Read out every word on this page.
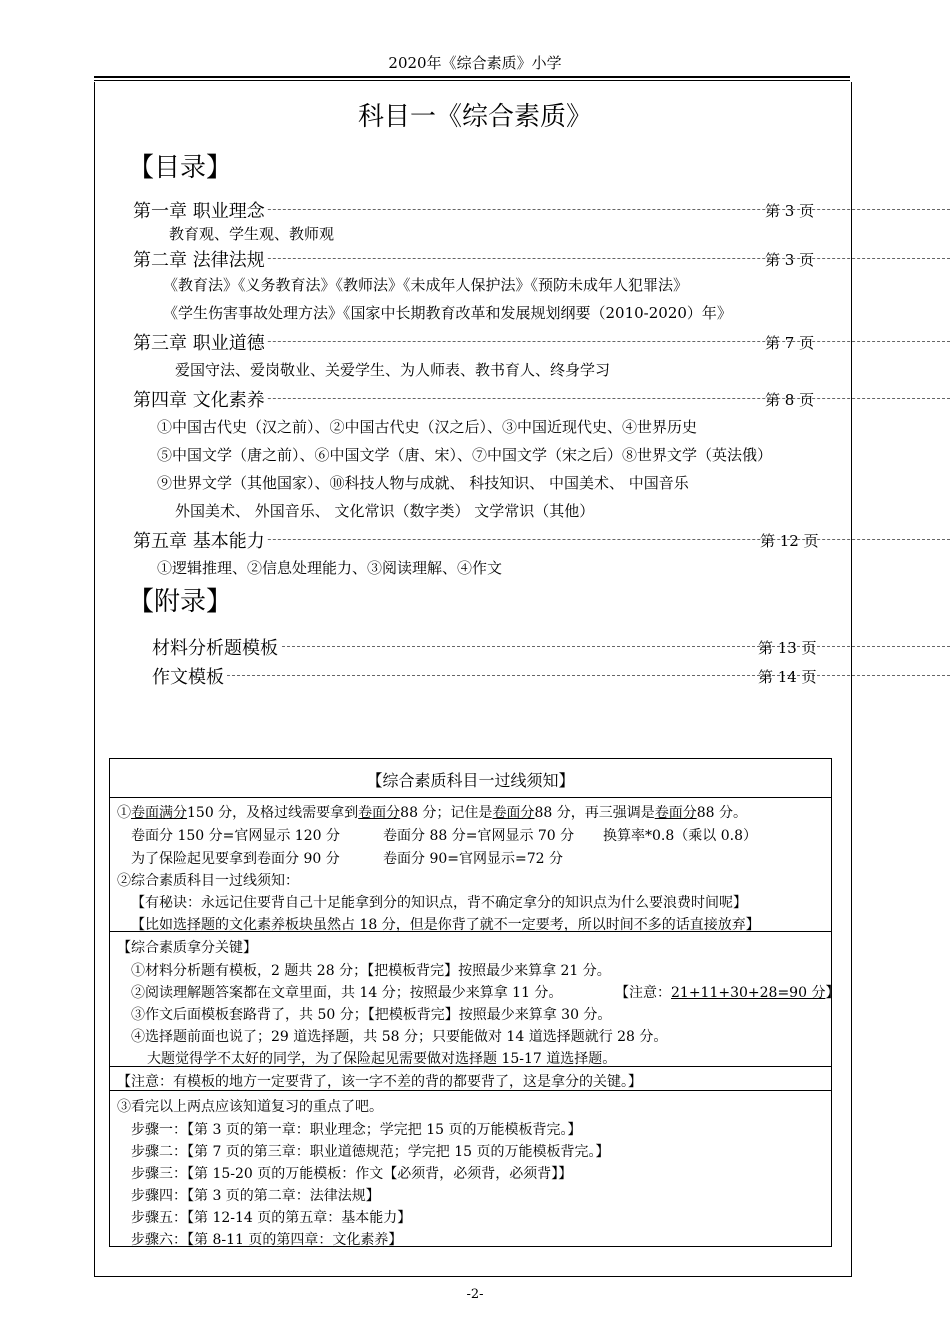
2020年《综合素质》小学
科目一《综合素质》
【目录】
第一章 职业理念	第 3 页
教育观、学生观、教师观
第二章 法律法规	第 3 页
《教育法》《义务教育法》《教师法》《未成年人保护法》《预防未成年人犯罪法》
《学生伤害事故处理方法》《国家中长期教育改革和发展规划纲要（2010-2020）年》
第三章 职业道德	第 7 页
爱国守法、爱岗敬业、关爱学生、为人师表、教书育人、终身学习
第四章 文化素养	第 8 页
①中国古代史（汉之前）、②中国古代史（汉之后）、③中国近现代史、④世界历史
⑤中国文学（唐之前）、⑥中国文学（唐、宋）、⑦中国文学（宋之后）⑧世界文学（英法俄）
⑨世界文学（其他国家）、⑩科技人物与成就、 科技知识、 中国美术、 中国音乐
外国美术、 外国音乐、 文化常识（数字类） 文学常识（其他）
第五章 基本能力	第 12 页
①逻辑推理、②信息处理能力、③阅读理解、④作文
【附录】
材料分析题模板	第 13 页
作文模板	第 14 页
【综合素质科目一过线须知】
①卷面满分150 分，及格过线需要拿到卷面分88 分；记住是卷面分88 分，再三强调是卷面分88 分。
卷面分 150 分=官网显示 120 分	卷面分 88 分=官网显示 70 分 换算率*0.8（乘以 0.8）
为了保险起见要拿到卷面分 90 分	卷面分 90=官网显示=72 分
②综合素质科目一过线须知：
【有秘诀：永远记住要背自己十足能拿到分的知识点，背不确定拿分的知识点为什么要浪费时间呢】
【比如选择题的文化素养板块虽然占 18 分，但是你背了就不一定要考，所以时间不多的话直接放弃】
【综合素质拿分关键】
①材料分析题有模板，2 题共 28 分；【把模板背完】按照最少来算拿 21 分。
②阅读理解题答案都在文章里面，共 14 分；按照最少来算拿 11 分。	【注意：21+11+30+28=90 分】
③作文后面模板套路背了，共 50 分；【把模板背完】按照最少来算拿 30 分。
④选择题前面也说了；29 道选择题，共 58 分；只要能做对 14 道选择题就行 28 分。
大题觉得学不太好的同学，为了保险起见需要做对选择题 15-17 道选择题。
【注意：有模板的地方一定要背了，该一字不差的背的都要背了，这是拿分的关键。】
③看完以上两点应该知道复习的重点了吧。
步骤一：【第 3 页的第一章：职业理念；学完把 15 页的万能模板背完。】
步骤二：【第 7 页的第三章：职业道德规范；学完把 15 页的万能模板背完。】
步骤三：【第 15-20 页的万能模板：作文【必须背，必须背，必须背】】
步骤四：【第 3 页的第二章：法律法规】
步骤五：【第 12-14 页的第五章：基本能力】
步骤六：【第 8-11 页的第四章：文化素养】
-2-
